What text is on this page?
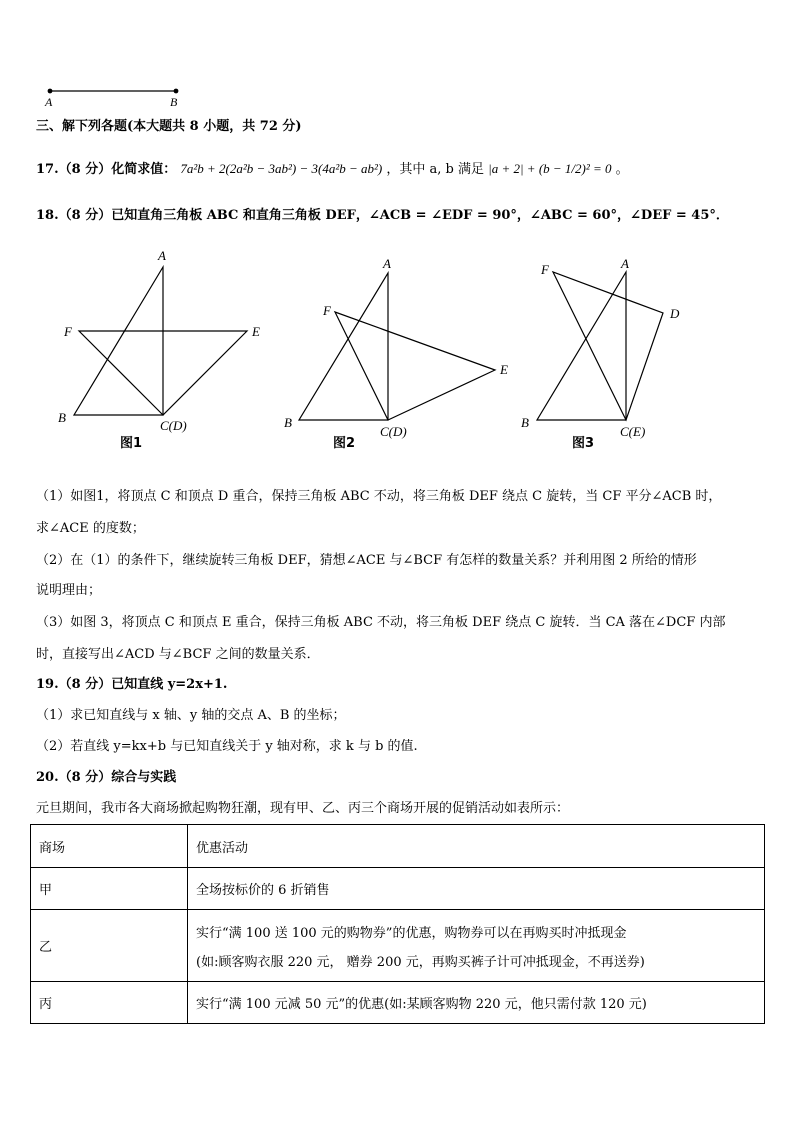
A	B
三、解下列各题(本大题共 8 小题，共 72 分)
17.（8 分）化简求值： 7a²b + 2(2a²b − 3ab²) − 3(4a²b − ab²) ，其中 a, b 满足 |a + 2| + (b − 1/2)² = 0 。
18.（8 分）已知直角三角板 ABC 和直角三角板 DEF，∠ACB = ∠EDF = 90°，∠ABC = 60°，∠DEF = 45°．
A
F	E
B
C(D)
图1
A
F
E
B
C(D)
图2
F	A
D
B
C(E)
图3
（1）如图1，将顶点 C 和顶点 D 重合，保持三角板 ABC 不动，将三角板 DEF 绕点 C 旋转，当 CF 平分∠ACB 时，
求∠ACE 的度数；
（2）在（1）的条件下，继续旋转三角板 DEF，猜想∠ACE 与∠BCF 有怎样的数量关系？并利用图 2 所给的情形
说明理由；
（3）如图 3，将顶点 C 和顶点 E 重合，保持三角板 ABC 不动，将三角板 DEF 绕点 C 旋转．当 CA 落在∠DCF 内部
时，直接写出∠ACD 与∠BCF 之间的数量关系．
19.（8 分）已知直线 y=2x+1.
（1）求已知直线与 x 轴、y 轴的交点 A、B 的坐标；
（2）若直线 y=kx+b 与已知直线关于 y 轴对称，求 k 与 b 的值.
20.（8 分）综合与实践
元旦期间，我市各大商场掀起购物狂潮，现有甲、乙、丙三个商场开展的促销活动如表所示：
商场	优惠活动
甲	全场按标价的 6 折销售
乙	实行“满 100 送 100 元的购物券”的优惠，购物券可以在再购买时冲抵现金
(如:顾客购衣服 220 元， 赠券 200 元，再购买裤子计可冲抵现金，不再送券)

丙	实行“满 100 元减 50 元”的优惠(如:某顾客购物 220 元，他只需付款 120 元)
